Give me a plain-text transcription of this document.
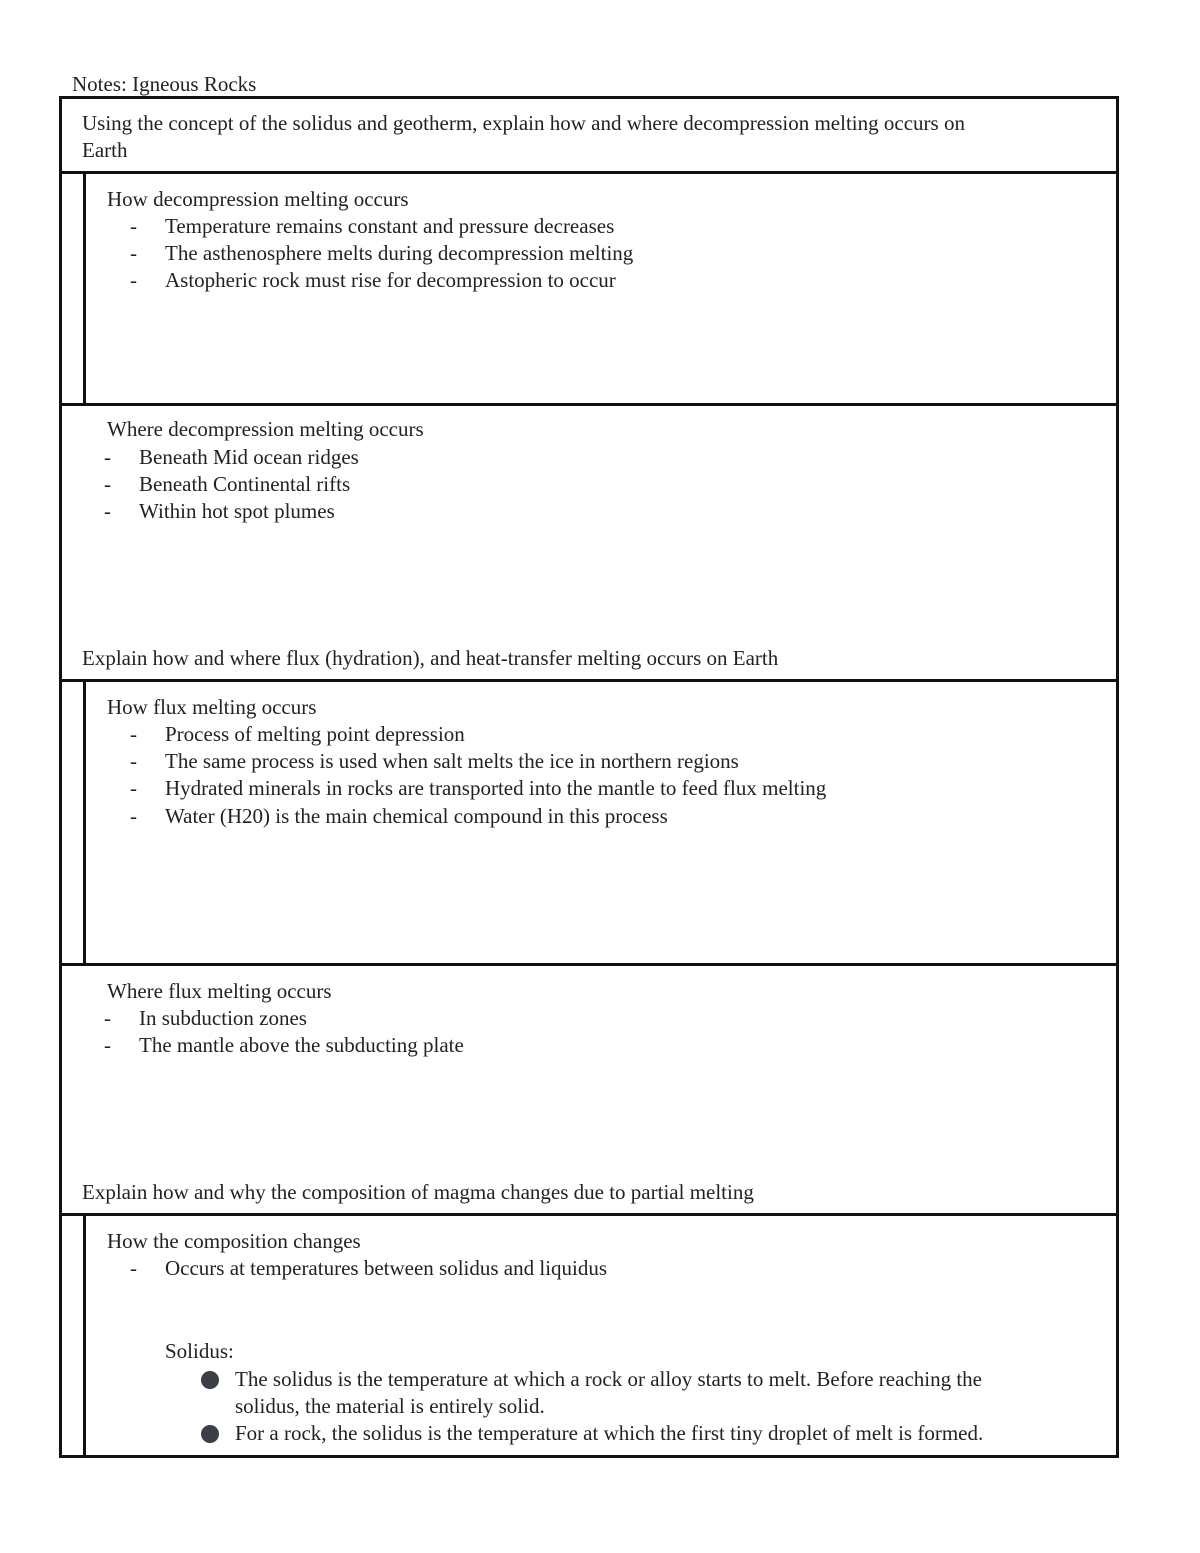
Notes: Igneous Rocks
Using the concept of the solidus and geotherm, explain how and where decompression melting occurs on
Earth
How decompression melting occurs
- Temperature remains constant and pressure decreases
- The asthenosphere melts during decompression melting
- Astopheric rock must rise for decompression to occur
Where decompression melting occurs
- Beneath Mid ocean ridges
- Beneath Continental rifts
- Within hot spot plumes
Explain how and where flux (hydration), and heat-transfer melting occurs on Earth
How flux melting occurs
- Process of melting point depression
- The same process is used when salt melts the ice in northern regions
- Hydrated minerals in rocks are transported into the mantle to feed flux melting
- Water (H20) is the main chemical compound in this process
Where flux melting occurs
- In subduction zones
- The mantle above the subducting plate
Explain how and why the composition of magma changes due to partial melting
How the composition changes
- Occurs at temperatures between solidus and liquidus
Solidus:
The solidus is the temperature at which a rock or alloy starts to melt. Before reaching the
solidus, the material is entirely solid.
For a rock, the solidus is the temperature at which the first tiny droplet of melt is formed.
